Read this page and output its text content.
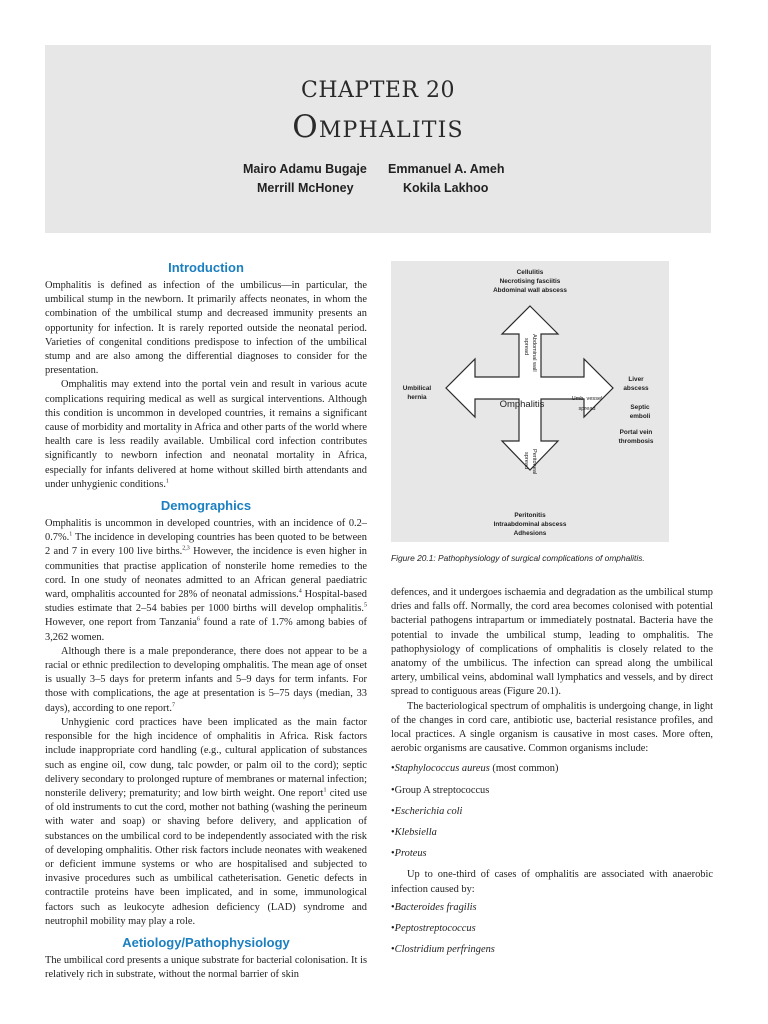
CHAPTER 20
Omphalitis
Mairo Adamu Bugaje Emmanuel A. Ameh
Merrill McHoney	Kokila Lakhoo
Introduction

Omphalitis is defined as infection of the umbilicus—in particular, the umbilical stump in the newborn. It primarily affects neonates, in whom the combination of the umbilical stump and decreased immunity presents an opportunity for infection. It is rarely reported outside the neonatal period. Varieties of congenital conditions predispose to infection of the umbilical stump and are also among the differential diagnoses to consider for the presentation.

Omphalitis may extend into the portal vein and result in various acute complications requiring medical as well as surgical interventions. Although this condition is uncommon in developed countries, it remains a significant cause of morbidity and mortality in Africa and other parts of the world where health care is less readily available. Umbilical cord infection contributes significantly to newborn infection and neonatal mortality in Africa, especially for infants delivered at home without skilled birth attendants and under unhygienic conditions.$^1$

Demographics

Omphalitis is uncommon in developed countries, with an incidence of 0.2–0.7%.$^1$ The incidence in developing countries has been quoted to be between 2 and 7 in every 100 live births.$^{2,3}$ However, the incidence is even higher in communities that practise application of nonsterile home remedies to the cord. In one study of neonates admitted to an African general paediatric ward, omphalitis accounted for 28% of neonatal admissions.$^4$ Hospital-based studies estimate that 2–54 babies per 1000 births will develop omphalitis.$^5$ However, one report from Tanzania$^6$ found a rate of 1.7% among babies of 3,262 women.

Although there is a male preponderance, there does not appear to be a racial or ethnic predilection to developing omphalitis. The mean age of onset is usually 3–5 days for preterm infants and 5–9 days for term infants. For those with complications, the age at presentation is 5–75 days (median, 33 days), according to one report.$^7$

Unhygienic cord practices have been implicated as the main factor responsible for the high incidence of omphalitis in Africa. Risk factors include inappropriate cord handling (e.g., cultural application of substances such as engine oil, cow dung, talc powder, or palm oil to the cord); septic delivery secondary to prolonged rupture of membranes or maternal infection; nonsterile delivery; prematurity; and low birth weight. One report$^1$ cited use of old instruments to cut the cord, mother not bathing (washing the perineum with water and soap) or shaving before delivery, and application of substances on the umbilical cord to be independently associated with the risk of developing omphalitis. Other risk factors include neonates with weakened or deficient immune systems or who are hospitalised and subjected to invasive procedures such as umbilical catheterisation. Genetic defects in contractile proteins have been implicated, and in some, immunological factors such as leukocyte adhesion deficiency (LAD) syndrome and neutrophil mobility may play a role.

Aetiology/Pathophysiology

The umbilical cord presents a unique substrate for bacterial colonisation. It is relatively rich in substrate, without the normal barrier of skin

Cellulitis
Necrotising fasciitis
Abdominal wall abscess
Abdominal wall
spread
Umbilical
hernia
Omphalitis	Umb. vessel
spread
Liver
abscess
Septic
emboli
Portal vein
thrombosis
Peritoneal
spread
Peritonitis
Intraabdominal abscess
Adhesions
Figure 20.1: Pathophysiology of surgical complications of omphalitis.

defences, and it undergoes ischaemia and degradation as the umbilical stump dries and falls off. Normally, the cord area becomes colonised with potential bacterial pathogens intrapartum or immediately postnatal. Bacteria have the potential to invade the umbilical stump, leading to omphalitis. The pathophysiology of complications of omphalitis is closely related to the anatomy of the umbilicus. The infection can spread along the umbilical artery, umbilical veins, abdominal wall lymphatics and vessels, and by direct spread to contiguous areas (Figure 20.1).

The bacteriological spectrum of omphalitis is undergoing change, in light of the changes in cord care, antibiotic use, bacterial resistance profiles, and local practices. A single organism is causative in most cases. More often, aerobic organisms are causative. Common organisms include:

•Staphylococcus aureus (most common)
•Group A streptococcus
•Escherichia coli
•Klebsiella
•Proteus

Up to one-third of cases of omphalitis are associated with anaerobic infection caused by:

•Bacteroides fragilis
•Peptostreptococcus
•Clostridium perfringens
